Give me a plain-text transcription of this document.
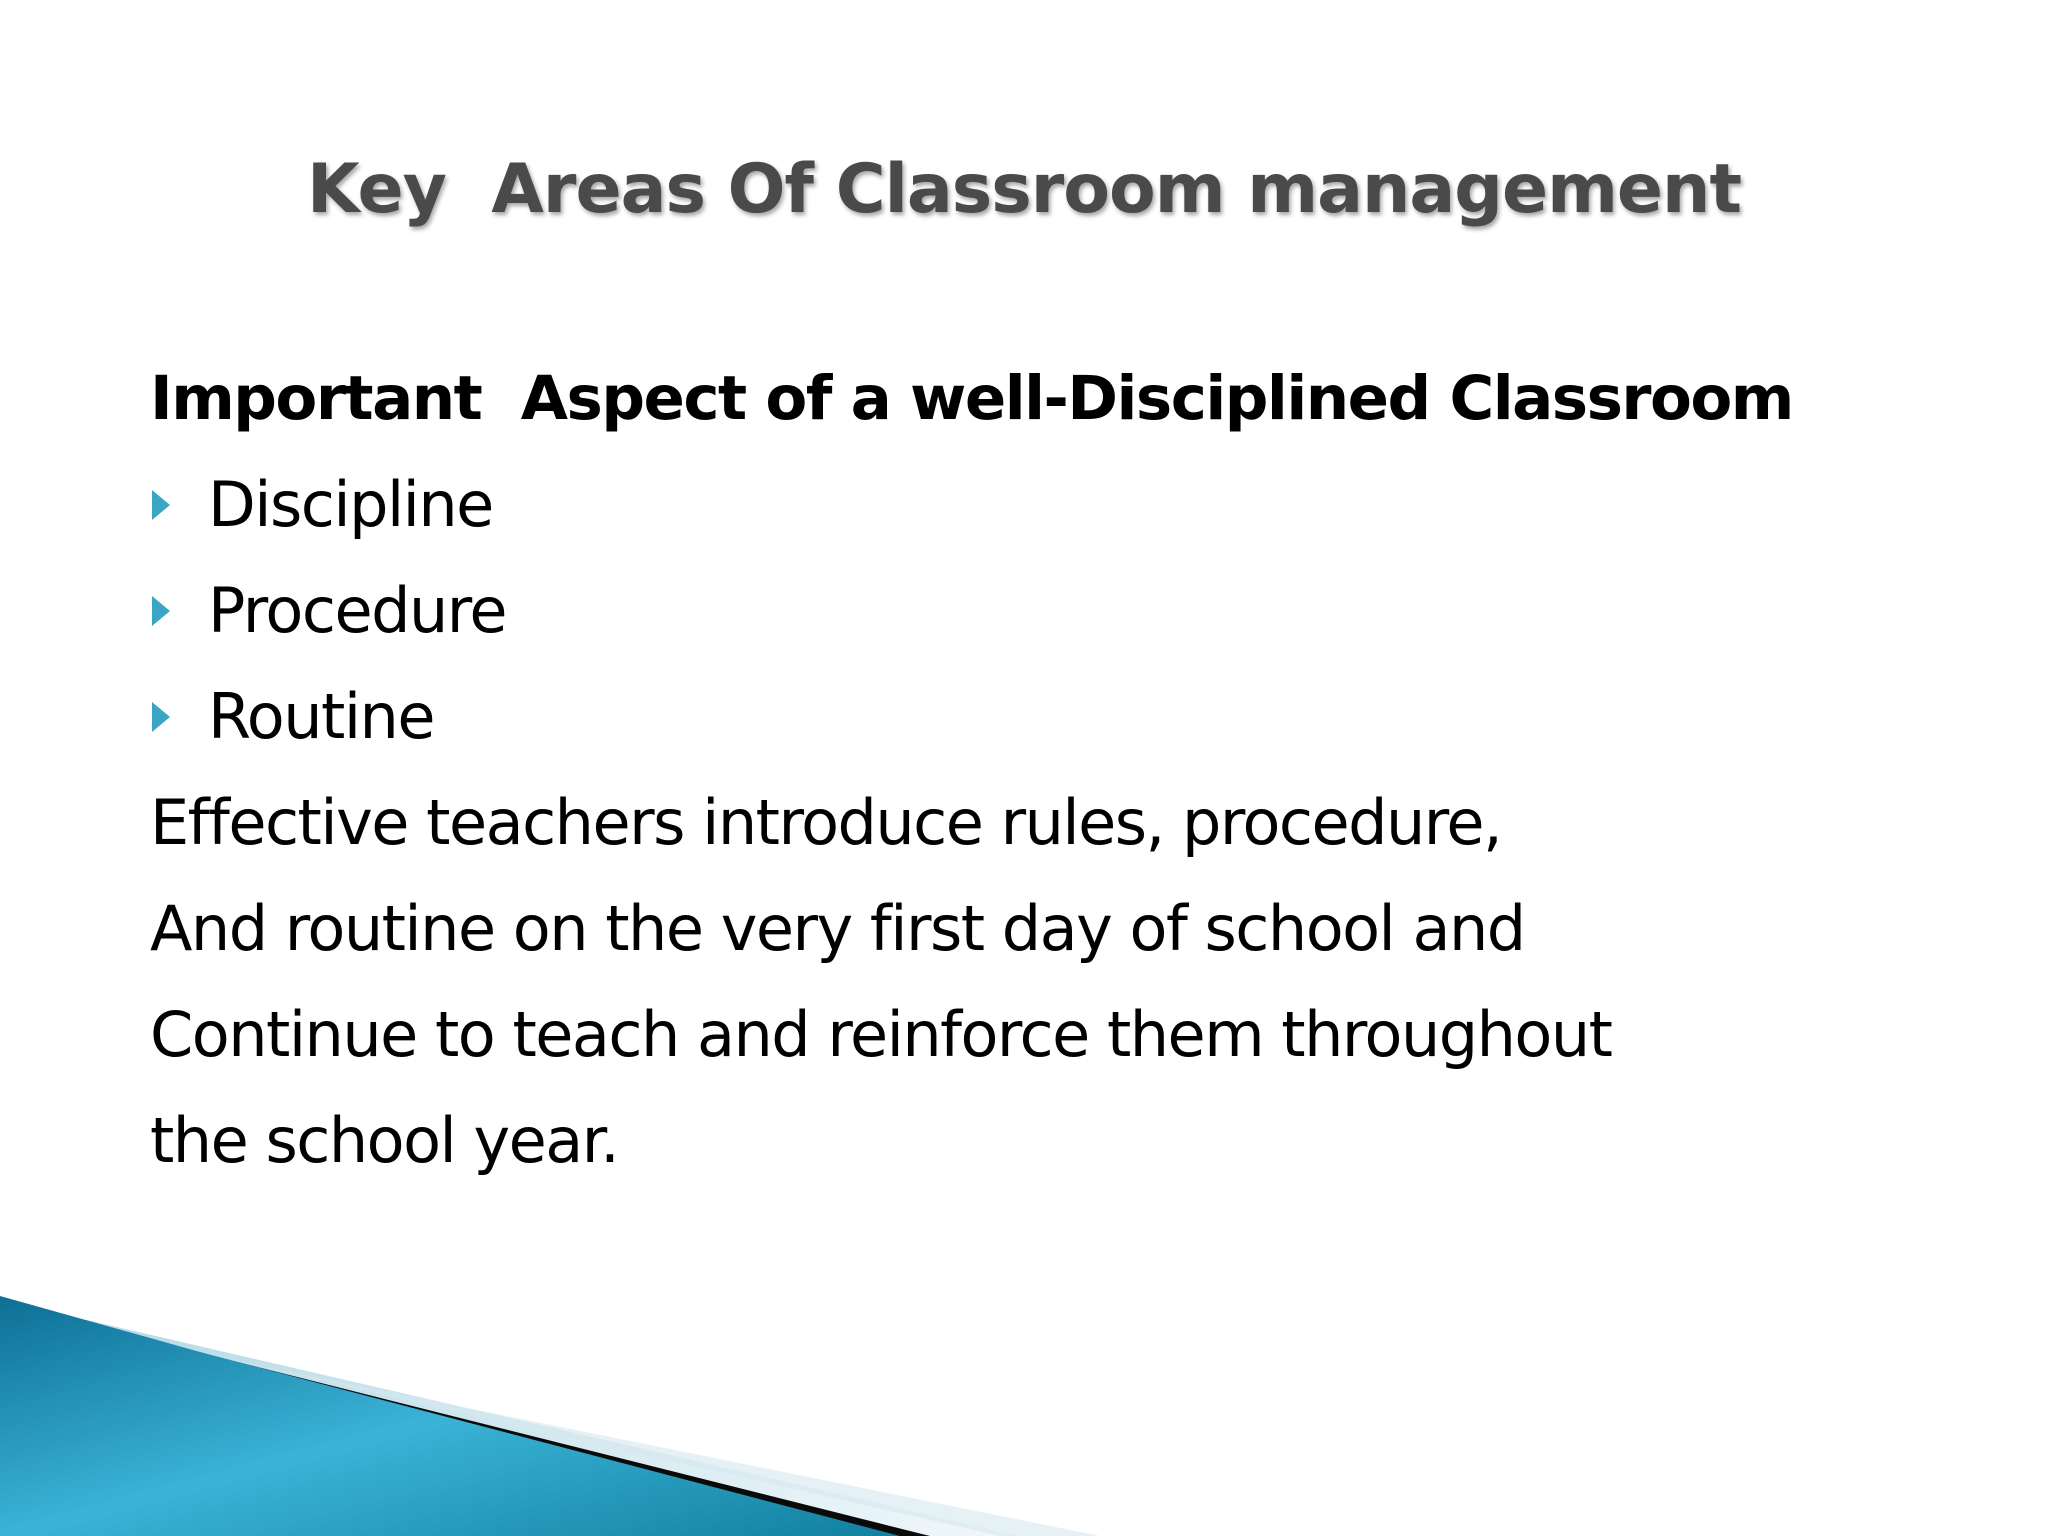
Key  Areas Of Classroom management
Important  Aspect of a well-Disciplined Classroom
Discipline
Procedure
Routine
Effective teachers introduce rules, procedure,
And routine on the very first day of school and
Continue to teach and reinforce them throughout
the school year.
